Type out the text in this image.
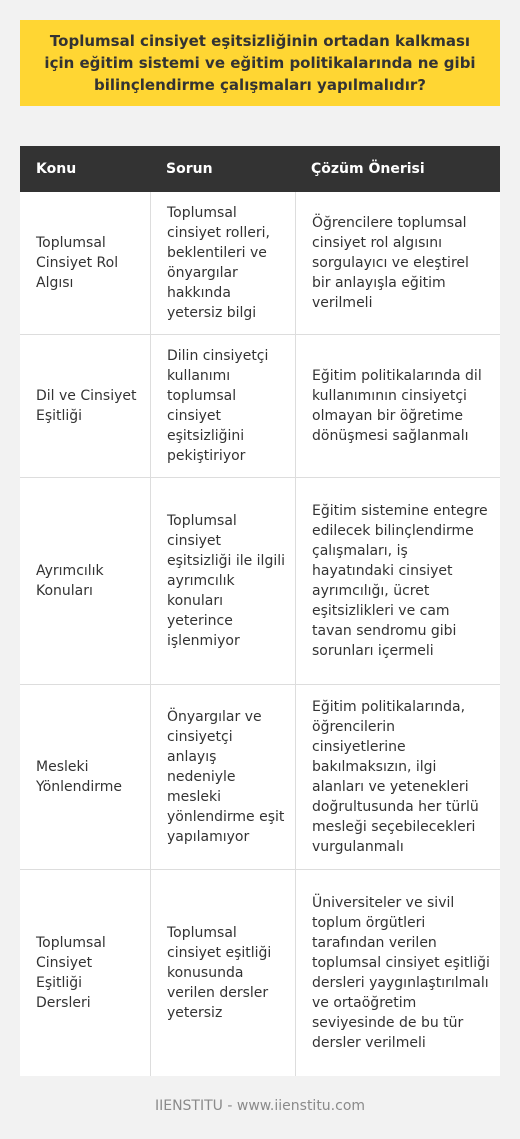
Toplumsal cinsiyet eşitsizliğinin ortadan kalkması için eğitim sistemi ve eğitim politikalarında ne gibi bilinçlendirme çalışmaları yapılmalıdır?
Konu	Sorun	Çözüm Önerisi
Toplumsal Cinsiyet Rol Algısı
Toplumsal cinsiyet rolleri, beklentileri ve önyargılar hakkında yetersiz bilgi
Öğrencilere toplumsal cinsiyet rol algısını sorgulayıcı ve eleştirel bir anlayışla eğitim verilmeli
Dil ve Cinsiyet Eşitliği
Dilin cinsiyetçi kullanımı toplumsal cinsiyet eşitsizliğini pekiştiriyor
Eğitim politikalarında dil kullanımının cinsiyetçi olmayan bir öğretime dönüşmesi sağlanmalı
Ayrımcılık Konuları
Toplumsal cinsiyet eşitsizliği ile ilgili ayrımcılık konuları yeterince işlenmiyor
Eğitim sistemine entegre edilecek bilinçlendirme çalışmaları, iş hayatındaki cinsiyet ayrımcılığı, ücret eşitsizlikleri ve cam tavan sendromu gibi sorunları içermeli
Mesleki Yönlendirme
Önyargılar ve cinsiyetçi anlayış nedeniyle mesleki yönlendirme eşit yapılamıyor
Eğitim politikalarında, öğrencilerin cinsiyetlerine bakılmaksızın, ilgi alanları ve yetenekleri doğrultusunda her türlü mesleği seçebilecekleri vurgulanmalı
Toplumsal Cinsiyet Eşitliği Dersleri
Toplumsal cinsiyet eşitliği konusunda verilen dersler yetersiz
Üniversiteler ve sivil toplum örgütleri tarafından verilen toplumsal cinsiyet eşitliği dersleri yaygınlaştırılmalı ve ortaöğretim seviyesinde de bu tür dersler verilmeli
IIENSTITU - www.iienstitu.com
